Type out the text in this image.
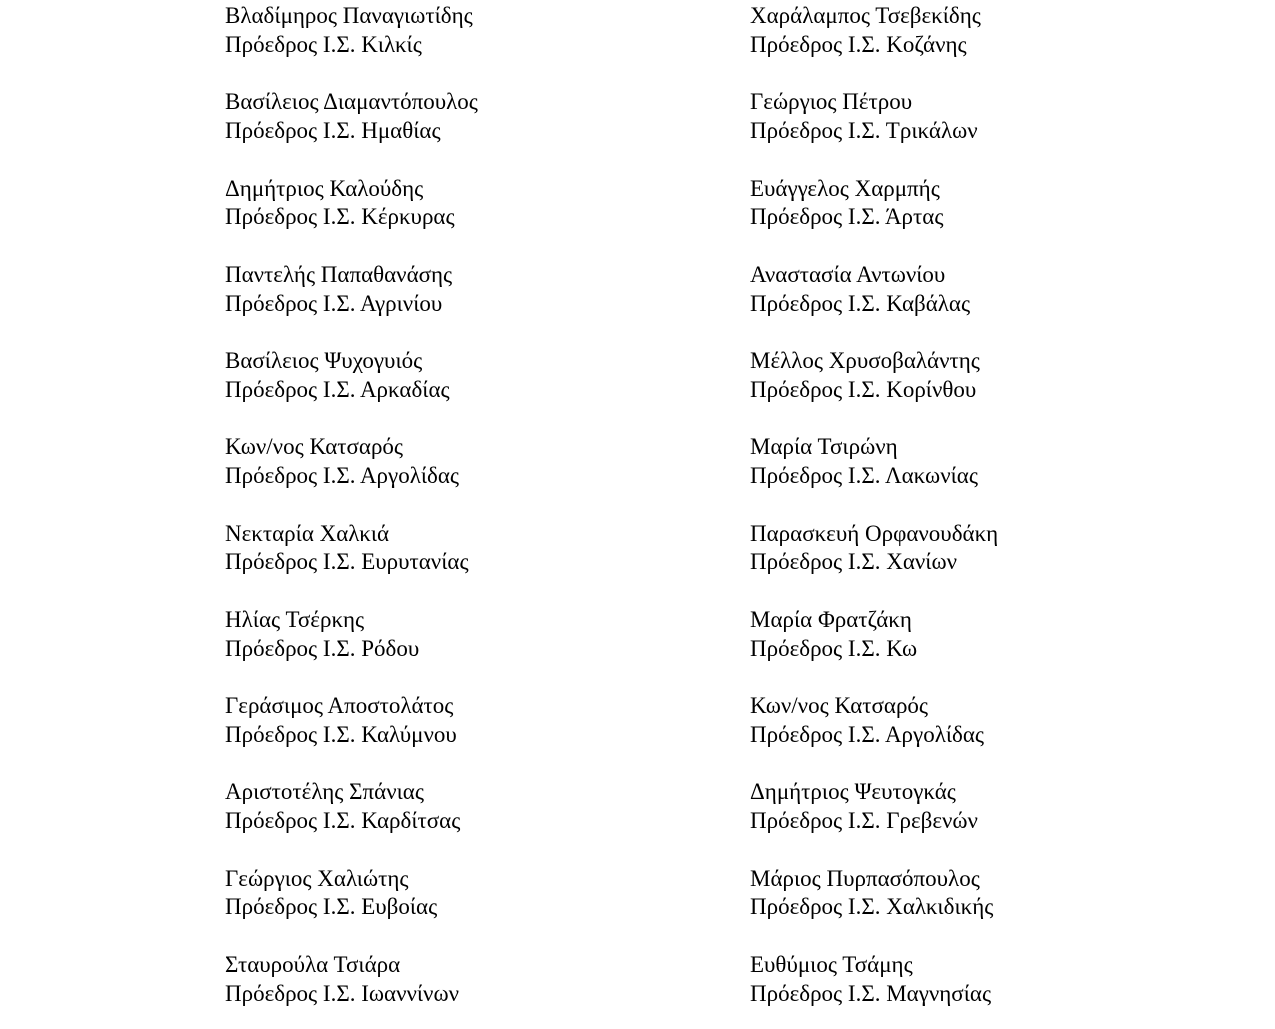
Βλαδίμηρος Παναγιωτίδης
Πρόεδρος Ι.Σ. Κιλκίς
Βασίλειος Διαμαντόπουλος
Πρόεδρος Ι.Σ. Ημαθίας
Δημήτριος Καλούδης
Πρόεδρος Ι.Σ. Κέρκυρας
Παντελής Παπαθανάσης
Πρόεδρος Ι.Σ. Αγρινίου
Βασίλειος Ψυχογυιός
Πρόεδρος Ι.Σ. Αρκαδίας
Κων/νος Κατσαρός
Πρόεδρος Ι.Σ. Αργολίδας
Νεκταρία Χαλκιά
Πρόεδρος Ι.Σ. Ευρυτανίας
Ηλίας Τσέρκης
Πρόεδρος Ι.Σ. Ρόδου
Γεράσιμος Αποστολάτος
Πρόεδρος Ι.Σ. Καλύμνου
Αριστοτέλης Σπάνιας
Πρόεδρος Ι.Σ. Καρδίτσας
Γεώργιος Χαλιώτης
Πρόεδρος Ι.Σ. Ευβοίας
Σταυρούλα Τσιάρα
Πρόεδρος Ι.Σ. Ιωαννίνων
Χαράλαμπος Τσεβεκίδης
Πρόεδρος Ι.Σ. Κοζάνης
Γεώργιος Πέτρου
Πρόεδρος Ι.Σ. Τρικάλων
Ευάγγελος Χαρμπής
Πρόεδρος Ι.Σ. Άρτας
Αναστασία Αντωνίου
Πρόεδρος Ι.Σ. Καβάλας
Μέλλος Χρυσοβαλάντης
Πρόεδρος Ι.Σ. Κορίνθου
Μαρία Τσιρώνη
Πρόεδρος Ι.Σ. Λακωνίας
Παρασκευή Ορφανουδάκη
Πρόεδρος Ι.Σ. Χανίων
Μαρία Φρατζάκη
Πρόεδρος Ι.Σ. Κω
Κων/νος Κατσαρός
Πρόεδρος Ι.Σ. Αργολίδας
Δημήτριος Ψευτογκάς
Πρόεδρος Ι.Σ. Γρεβενών
Μάριος Πυρπασόπουλος
Πρόεδρος Ι.Σ. Χαλκιδικής
Ευθύμιος Τσάμης
Πρόεδρος Ι.Σ. Μαγνησίας
